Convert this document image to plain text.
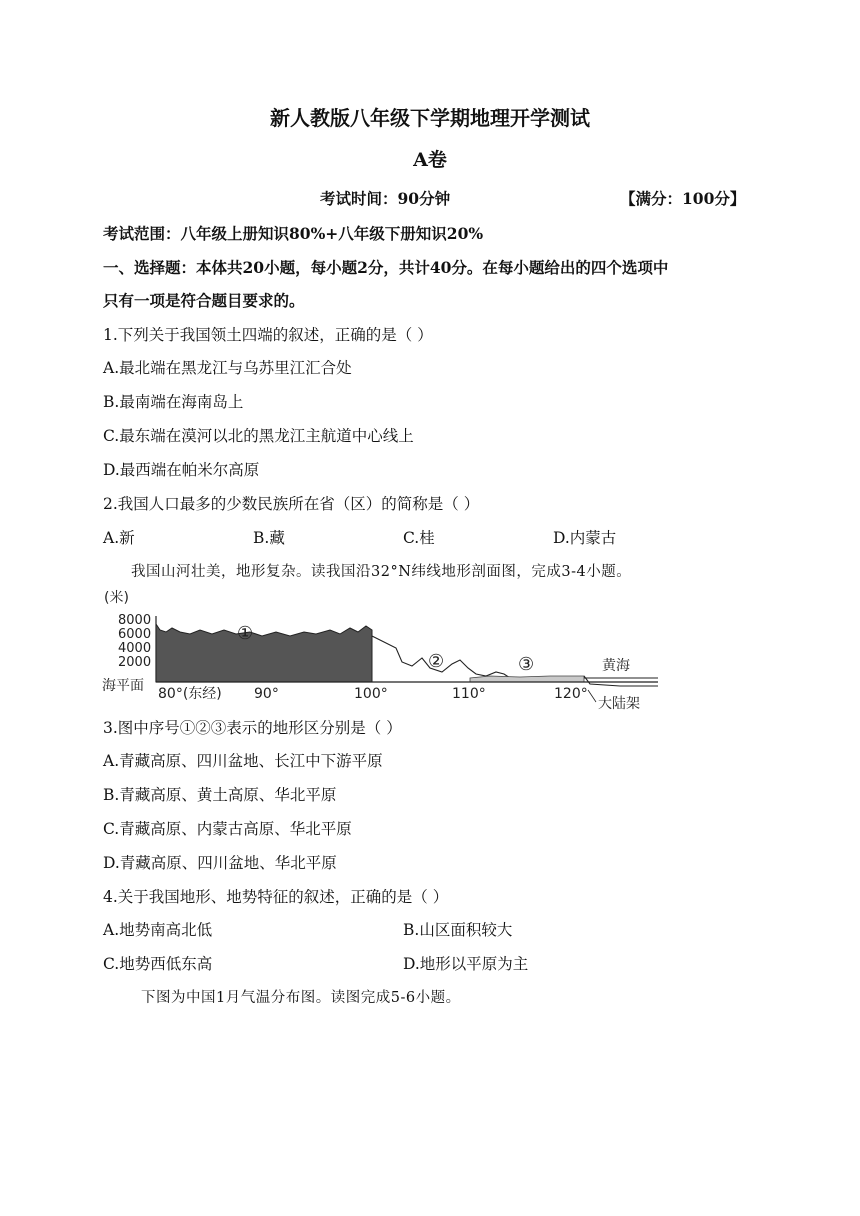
新人教版八年级下学期地理开学测试
A卷
考试时间：90分钟	【满分：100分】
考试范围：八年级上册知识80%+八年级下册知识20%
一、选择题：本体共20小题，每小题2分，共计40分。在每小题给出的四个选项中
只有一项是符合题目要求的。
1.下列关于我国领土四端的叙述，正确的是（ ）
A.最北端在黑龙江与乌苏里江汇合处
B.最南端在海南岛上
C.最东端在漠河以北的黑龙江主航道中心线上
D.最西端在帕米尔高原
2.我国人口最多的少数民族所在省（区）的简称是（ ）
A.新	B.藏	C.桂	D.内蒙古
我国山河壮美，地形复杂。读我国沿32°N纬线地形剖面图，完成3-4小题。
(米)
8000
6000
4000
2000
海平面
①
②	③	黄海
大陆架
80°(东经) 90°	100°	110°	120°
3.图中序号①②③表示的地形区分别是（ ）
A.青藏高原、四川盆地、长江中下游平原
B.青藏高原、黄土高原、华北平原
C.青藏高原、内蒙古高原、华北平原
D.青藏高原、四川盆地、华北平原
4.关于我国地形、地势特征的叙述，正确的是（ ）
A.地势南高北低	B.山区面积较大
C.地势西低东高	D.地形以平原为主
下图为中国1月气温分布图。读图完成5-6小题。
